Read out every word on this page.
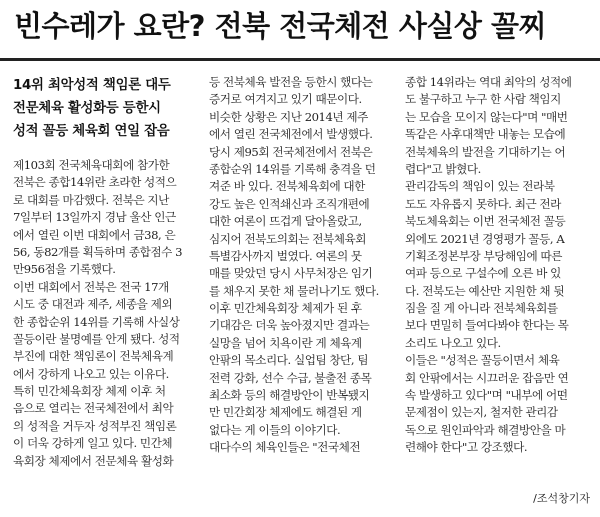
빈수레가 요란? 전북 전국체전 사실상 꼴찌
14위 최악성적 책임론 대두
전문체육 활성화등 등한시
성적 꼴등 체육회 연일 잡음
제103회 전국체육대회에 참가한
전북은 종합14위란 초라한 성적으
로 대회를 마감했다. 전북은 지난
7일부터 13일까지 경남 울산 인근
에서 열린 이번 대회에서 금38, 은
56, 동82개를 획득하며 종합점수 3
만956점을 기록했다.
이번 대회에서 전북은 전국 17개
시도 중 대전과 제주, 세종을 제외
한 종합순위 14위를 기록해 사실상
꼴등이란 불명예를 안게 됐다. 성적
부진에 대한 책임론이 전북체육계
에서 강하게 나오고 있는 이유다.
특히 민간체육회장 체제 이후 처
음으로 열리는 전국체전에서 최악
의 성적을 거두자 성적부진 책임론
이 더욱 강하게 일고 있다. 민간체
육회장 체제에서 전문체육 활성화
등 전북체육 발전을 등한시 했다는
증거로 여겨지고 있기 때문이다.
비슷한 상황은 지난 2014년 제주
에서 열린 전국체전에서 발생했다.
당시 제95회 전국체전에서 전북은
종합순위 14위를 기록해 충격을 던
져준 바 있다. 전북체육회에 대한
강도 높은 인적쇄신과 조직개편에
대한 여론이 뜨겁게 달아올랐고,
심지어 전북도의회는 전북체육회
특별감사까지 벌였다. 여론의 뭇
매를 맞았던 당시 사무처장은 임기
를 채우지 못한 채 물러나기도 했다.
이후 민간체육회장 체제가 된 후
기대감은 더욱 높아졌지만 결과는
실망을 넘어 치욕이란 게 체육계
안팎의 목소리다. 실업팀 창단, 팀
전력 강화, 선수 수급, 불출전 종목
최소화 등의 해결방안이 반복됐지
만 민간회장 체제에도 해결된 게
없다는 게 이들의 이야기다.
대다수의 체육인들은 "전국체전
종합 14위라는 역대 최악의 성적에
도 불구하고 누구 한 사람 책임지
는 모습을 모이지 않는다"며 "매번
똑같은 사후대책만 내놓는 모습에
전북체육의 발전을 기대하기는 어
렵다"고 밝혔다.
관리감독의 책임이 있는 전라북
도도 자유롭지 못하다. 최근 전라
북도체육회는 이번 전국체전 꼴등
외에도 2021년 경영평가 꼴등, A
기획조정본부장 부당해임에 따른
여파 등으로 구설수에 오른 바 있
다. 전북도는 예산만 지원한 채 뒷
짐을 질 게 아니라 전북체육회를
보다 면밀히 들여다봐야 한다는 목
소리도 나오고 있다.
이들은 "성적은 꼴등이면서 체육
회 안팎에서는 시끄러운 잡음만 연
속 발생하고 있다"며 "내부에 어떤
문제점이 있는지, 철저한 관리감
독으로 원인파악과 해결방안을 마
련해야 한다"고 강조했다.
/조석창기자
